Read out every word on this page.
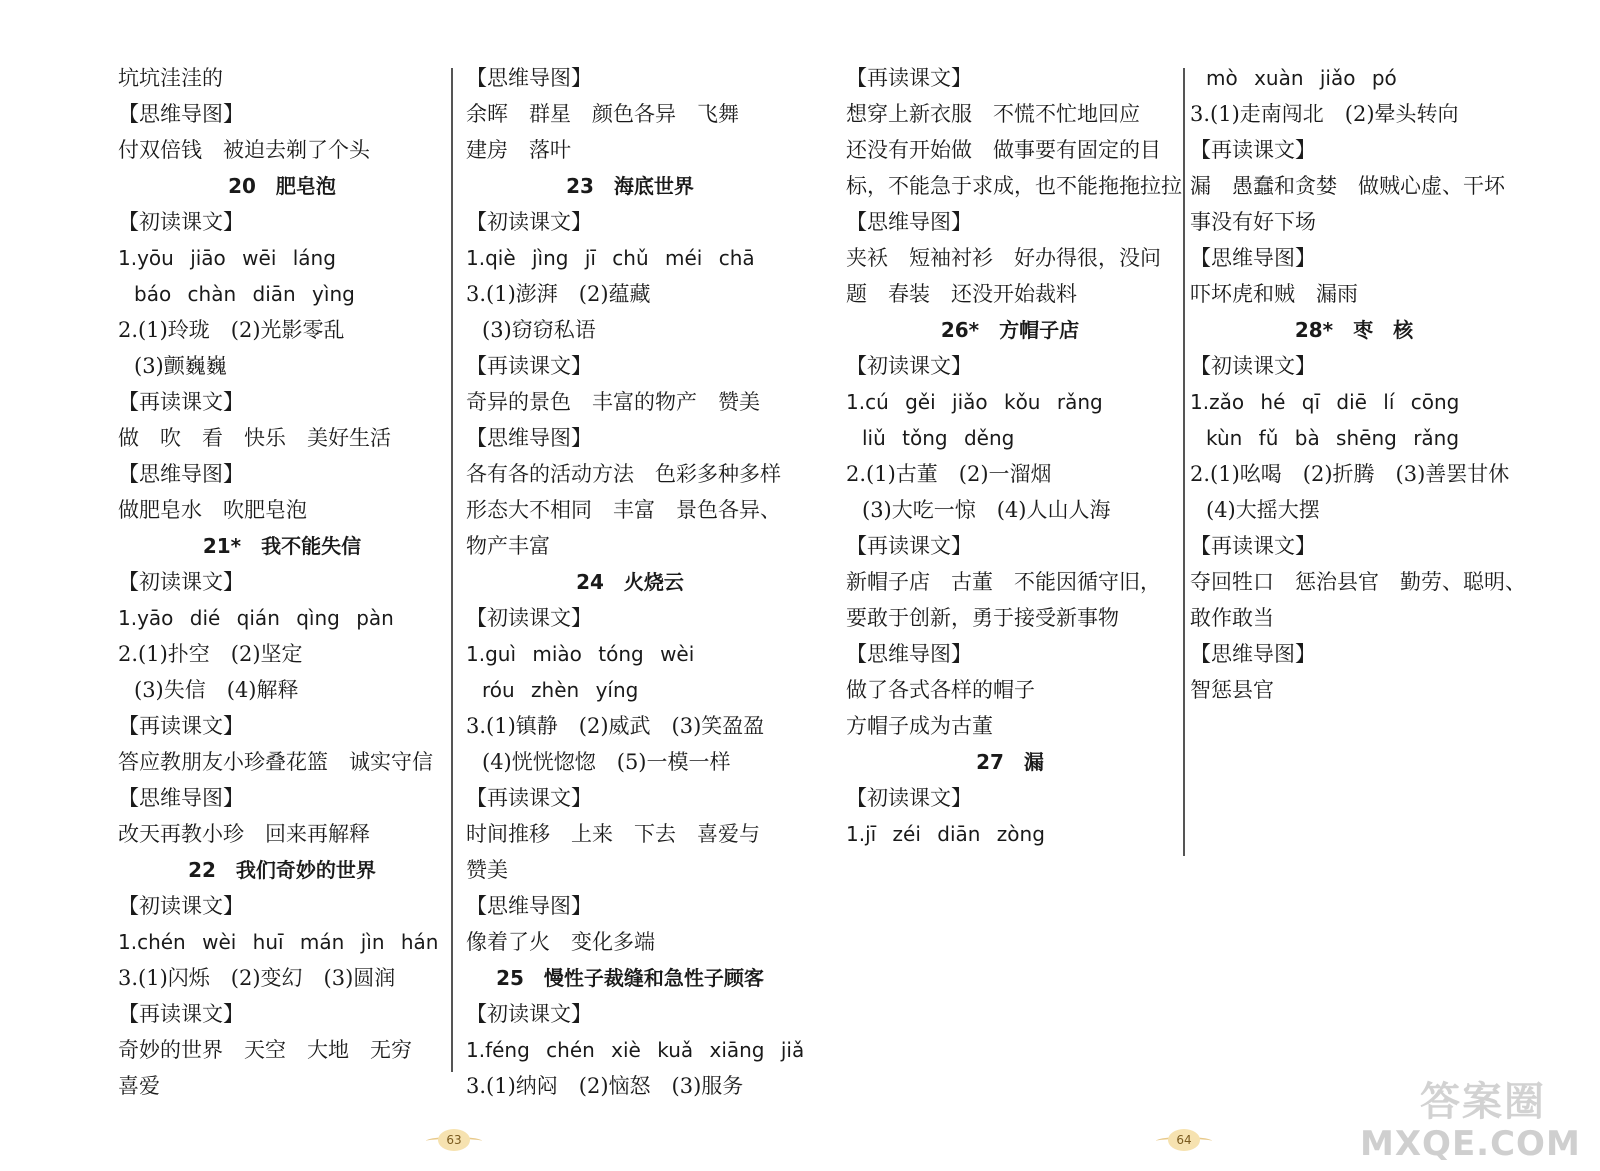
坑坑洼洼的
【思维导图】
付双倍钱　被迫去剃了个头
20　肥皂泡
【初读课文】
1.yōu jiāo wēi láng
báo chàn diān yìng
2.(1)玲珑　(2)光影零乱
(3)颤巍巍
【再读课文】
做　吹　看　快乐　美好生活
【思维导图】
做肥皂水　吹肥皂泡
21*　我不能失信
【初读课文】
1.yāo dié qián qìng pàn
2.(1)扑空　(2)坚定
(3)失信　(4)解释
【再读课文】
答应教朋友小珍叠花篮　诚实守信
【思维导图】
改天再教小珍　回来再解释
22　我们奇妙的世界
【初读课文】
1.chén wèi huī mán jìn hán
3.(1)闪烁　(2)变幻　(3)圆润
【再读课文】
奇妙的世界　天空　大地　无穷
喜爱
【思维导图】
余晖　群星　颜色各异　飞舞
建房　落叶
23　海底世界
【初读课文】
1.qiè jìng jī chǔ méi chā
3.(1)澎湃　(2)蕴藏
(3)窃窃私语
【再读课文】
奇异的景色　丰富的物产　赞美
【思维导图】
各有各的活动方法　色彩多种多样
形态大不相同　丰富　景色各异、
物产丰富
24　火烧云
【初读课文】
1.guì miào tóng wèi
róu zhèn yíng
3.(1)镇静　(2)威武　(3)笑盈盈
(4)恍恍惚惚　(5)一模一样
【再读课文】
时间推移　上来　下去　喜爱与
赞美
【思维导图】
像着了火　变化多端
25　慢性子裁缝和急性子顾客
【初读课文】
1.féng chén xiè kuǎ xiāng jiǎ
3.(1)纳闷　(2)恼怒　(3)服务
【再读课文】
想穿上新衣服　不慌不忙地回应
还没有开始做　做事要有固定的目
标，不能急于求成，也不能拖拖拉拉
【思维导图】
夹袄　短袖衬衫　好办得很，没问
题　春装　还没开始裁料
26*　方帽子店
【初读课文】
1.cú gěi jiǎo kǒu rǎng
liǔ tǒng děng
2.(1)古董　(2)一溜烟
(3)大吃一惊　(4)人山人海
【再读课文】
新帽子店　古董　不能因循守旧，
要敢于创新，勇于接受新事物
【思维导图】
做了各式各样的帽子
方帽子成为古董
27　漏
【初读课文】
1.jī zéi diān zòng
mò xuàn jiǎo pó
3.(1)走南闯北　(2)晕头转向
【再读课文】
漏　愚蠢和贪婪　做贼心虚、干坏
事没有好下场
【思维导图】
吓坏虎和贼　漏雨
28*　枣　核
【初读课文】
1.zǎo hé qī diē lí cōng
kùn fǔ bà shēng rǎng
2.(1)吆喝　(2)折腾　(3)善罢甘休
(4)大摇大摆
【再读课文】
夺回牲口　惩治县官　勤劳、聪明、
敢作敢当
【思维导图】
智惩县官
63	64
答案圈
MXQE.COM
